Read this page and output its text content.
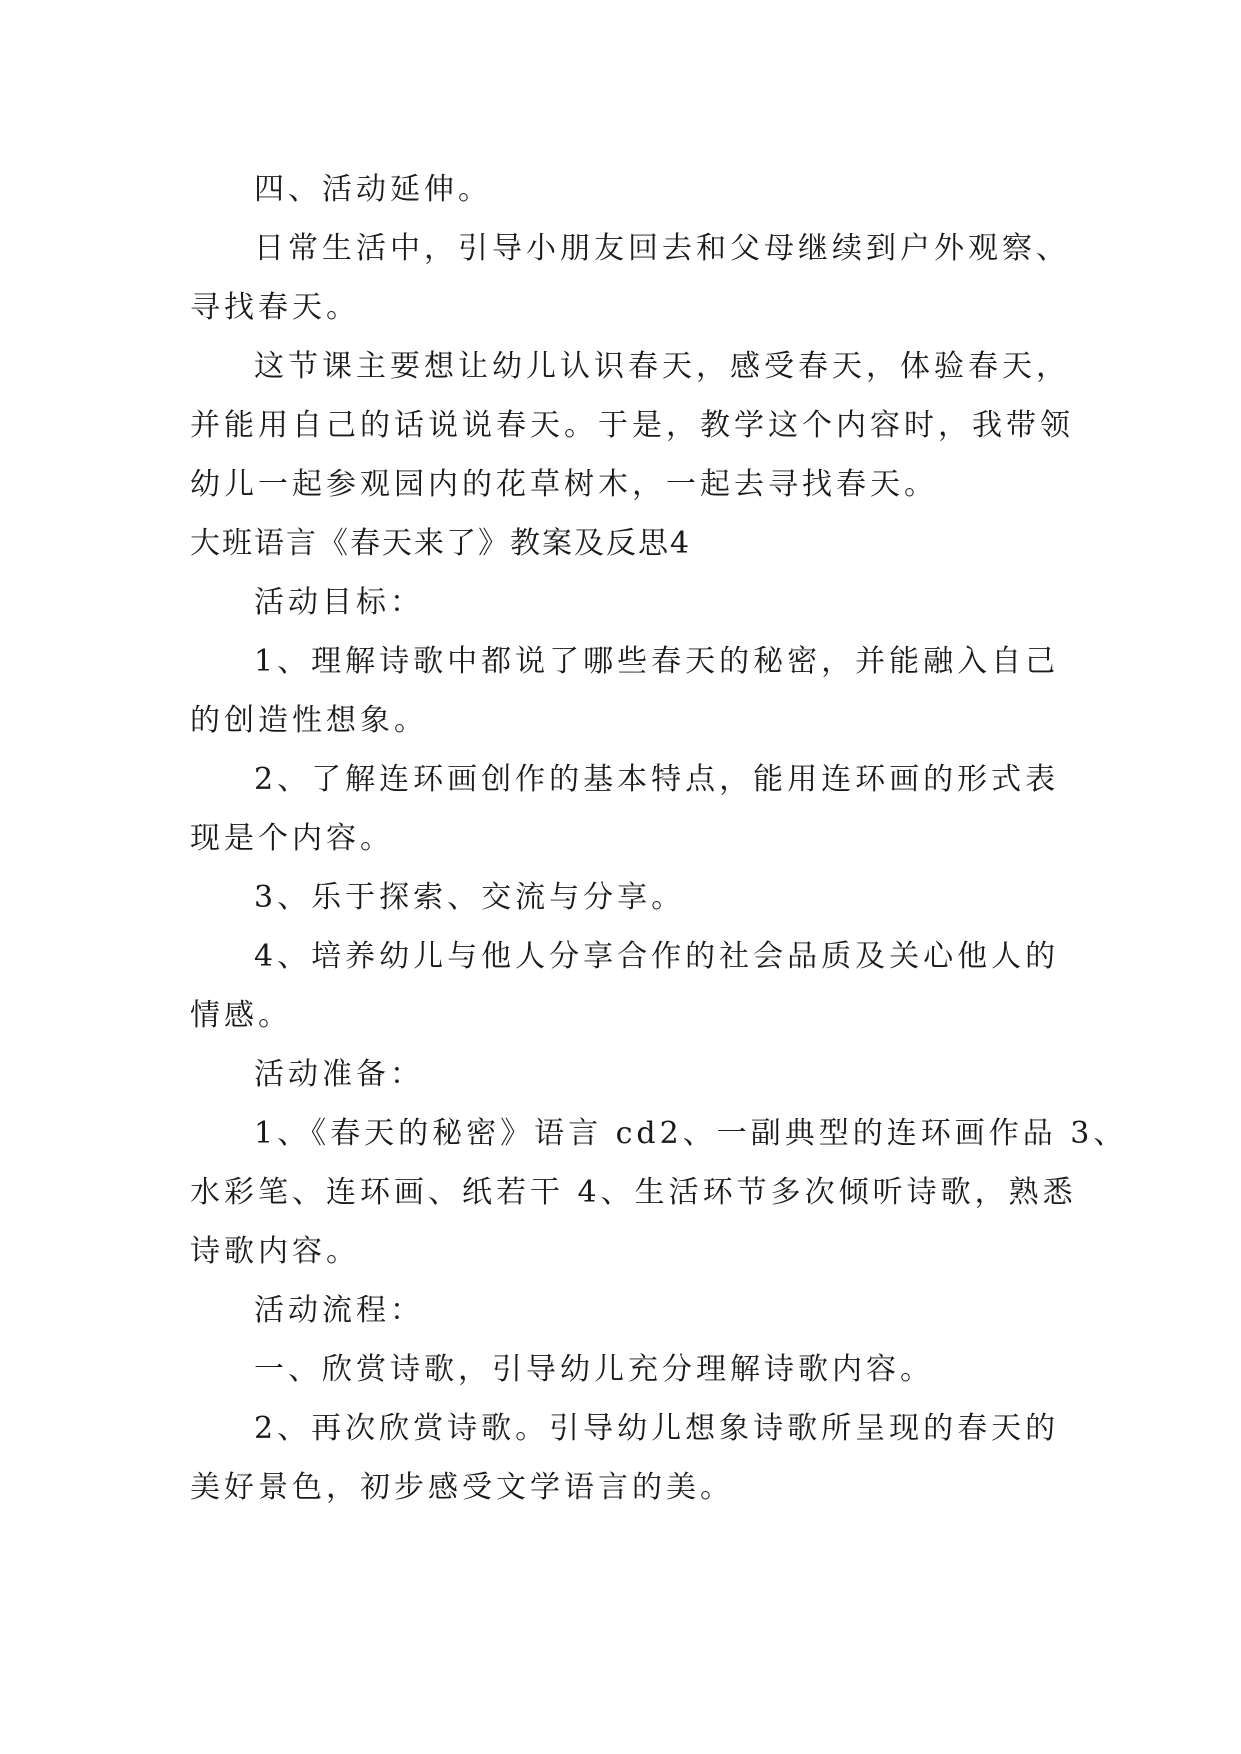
四、活动延伸。

日常生活中，引导小朋友回去和父母继续到户外观察、

寻找春天。

这节课主要想让幼儿认识春天，感受春天，体验春天，

并能用自己的话说说春天。于是，教学这个内容时，我带领

幼儿一起参观园内的花草树木，一起去寻找春天。

大班语言《春天来了》教案及反思4

活动目标：

1、理解诗歌中都说了哪些春天的秘密，并能融入自己

的创造性想象。

2、了解连环画创作的基本特点，能用连环画的形式表

现是个内容。

3、乐于探索、交流与分享。

4、培养幼儿与他人分享合作的社会品质及关心他人的

情感。

活动准备：

1、《春天的秘密》语言 cd2、一副典型的连环画作品 3、

水彩笔、连环画、纸若干 4、生活环节多次倾听诗歌，熟悉

诗歌内容。

活动流程：

一、欣赏诗歌，引导幼儿充分理解诗歌内容。

2、再次欣赏诗歌。引导幼儿想象诗歌所呈现的春天的

美好景色，初步感受文学语言的美。
